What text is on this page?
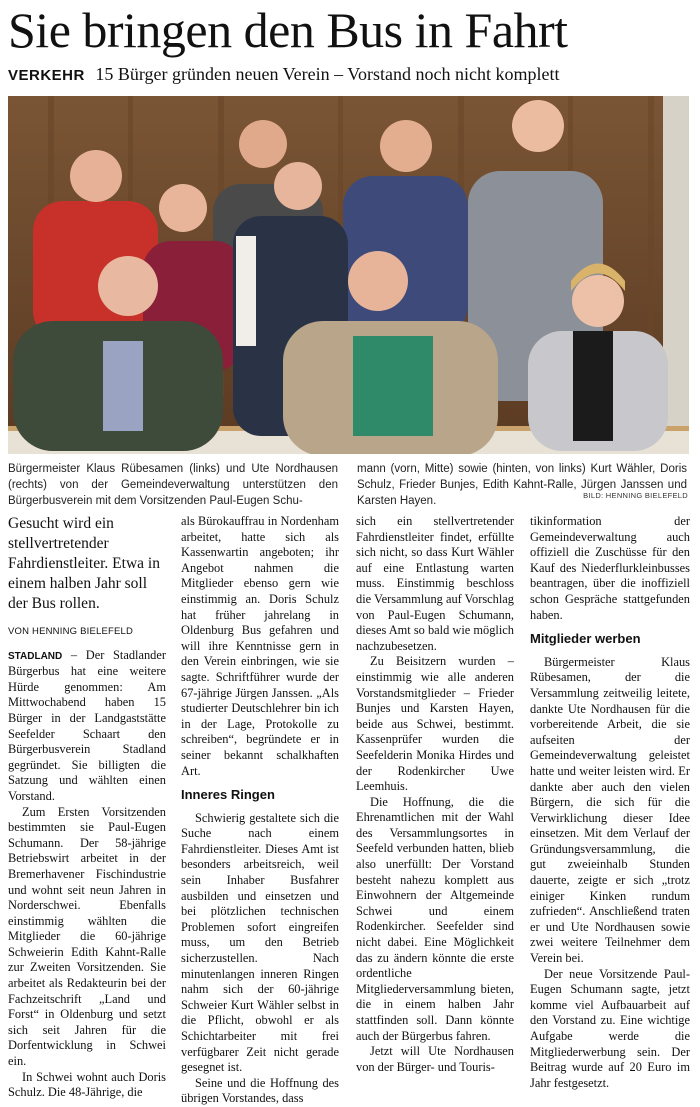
Sie bringen den Bus in Fahrt
VERKEHR 15 Bürger gründen neuen Verein – Vorstand noch nicht komplett
Bürgermeister Klaus Rübesamen (links) und Ute Nordhausen (rechts) von der Gemeindeverwaltung unterstützen den Bürgerbusverein mit dem Vorsitzenden Paul-Eugen Schu-
mann (vorn, Mitte) sowie (hinten, von links) Kurt Wähler, Doris Schulz, Frieder Bunjes, Edith Kahnt-Ralle, Jürgen Janssen und Karsten Hayen.	BILD: HENNING BIELEFELD
Gesucht wird ein stellvertretender Fahrdienstleiter. Etwa in einem halben Jahr soll der Bus rollen.
VON HENNING BIELEFELD

STADLAND – Der Stadlander Bürgerbus hat eine weitere Hürde genommen: Am Mittwochabend haben 15 Bürger in der Landgaststätte Seefelder Schaart den Bürgerbusverein Stadland gegründet. Sie billigten die Satzung und wählten einen Vorstand.

Zum Ersten Vorsitzenden bestimmten sie Paul-Eugen Schumann. Der 58-jährige Betriebswirt arbeitet in der Bremerhavener Fischindustrie und wohnt seit neun Jahren in Norderschwei. Ebenfalls einstimmig wählten die Mitglieder die 60-jährige Schweierin Edith Kahnt-Ralle zur Zweiten Vorsitzenden. Sie arbeitet als Redakteurin bei der Fachzeitschrift „Land und Forst“ in Oldenburg und setzt sich seit Jahren für die Dorfentwicklung in Schwei ein.

In Schwei wohnt auch Doris Schulz. Die 48-Jährige, die

als Bürokauffrau in Nordenham arbeitet, hatte sich als Kassenwartin angeboten; ihr Angebot nahmen die Mitglieder ebenso gern wie einstimmig an. Doris Schulz hat früher jahrelang in Oldenburg Bus gefahren und will ihre Kenntnisse gern in den Verein einbringen, wie sie sagte. Schriftführer wurde der 67-jährige Jürgen Janssen. „Als studierter Deutschlehrer bin ich in der Lage, Protokolle zu schreiben“, begründete er in seiner bekannt schalkhaften Art.

Inneres Ringen

Schwierig gestaltete sich die Suche nach einem Fahrdienstleiter. Dieses Amt ist besonders arbeitsreich, weil sein Inhaber Busfahrer ausbilden und einsetzen und bei plötzlichen technischen Problemen sofort eingreifen muss, um den Betrieb sicherzustellen. Nach minutenlangen inneren Ringen nahm sich der 60-jährige Schweier Kurt Wähler selbst in die Pflicht, obwohl er als Schichtarbeiter mit frei verfügbarer Zeit nicht gerade gesegnet ist.

Seine und die Hoffnung des übrigen Vorstandes, dass

sich ein stellvertretender Fahrdienstleiter findet, erfüllte sich nicht, so dass Kurt Wähler auf eine Entlastung warten muss. Einstimmig beschloss die Versammlung auf Vorschlag von Paul-Eugen Schumann, dieses Amt so bald wie möglich nachzubesetzen.

Zu Beisitzern wurden – einstimmig wie alle anderen Vorstandsmitglieder – Frieder Bunjes und Karsten Hayen, beide aus Schwei, bestimmt. Kassenprüfer wurden die Seefelderin Monika Hirdes und der Rodenkircher Uwe Leemhuis.

Die Hoffnung, die die Ehrenamtlichen mit der Wahl des Versammlungsortes in Seefeld verbunden hatten, blieb also unerfüllt: Der Vorstand besteht nahezu komplett aus Einwohnern der Altgemeinde Schwei und einem Rodenkircher. Seefelder sind nicht dabei. Eine Möglichkeit das zu ändern könnte die erste ordentliche Mitgliederversammlung bieten, die in einem halben Jahr stattfinden soll. Dann könnte auch der Bürgerbus fahren.

Jetzt will Ute Nordhausen von der Bürger- und Touris-

tikinformation der Gemeindeverwaltung auch offiziell die Zuschüsse für den Kauf des Niederflurkleinbusses beantragen, über die inoffiziell schon Gespräche stattgefunden haben.

Mitglieder werben

Bürgermeister Klaus Rübesamen, der die Versammlung zeitweilig leitete, dankte Ute Nordhausen für die vorbereitende Arbeit, die sie aufseiten der Gemeindeverwaltung geleistet hatte und weiter leisten wird. Er dankte aber auch den vielen Bürgern, die sich für die Verwirklichung dieser Idee einsetzen. Mit dem Verlauf der Gründungsversammlung, die gut zweieinhalb Stunden dauerte, zeigte er sich „trotz einiger Kinken rundum zufrieden“. Anschließend traten er und Ute Nordhausen sowie zwei weitere Teilnehmer dem Verein bei.

Der neue Vorsitzende Paul-Eugen Schumann sagte, jetzt komme viel Aufbauarbeit auf den Vorstand zu. Eine wichtige Aufgabe werde die Mitgliederwerbung sein. Der Beitrag wurde auf 20 Euro im Jahr festgesetzt.
